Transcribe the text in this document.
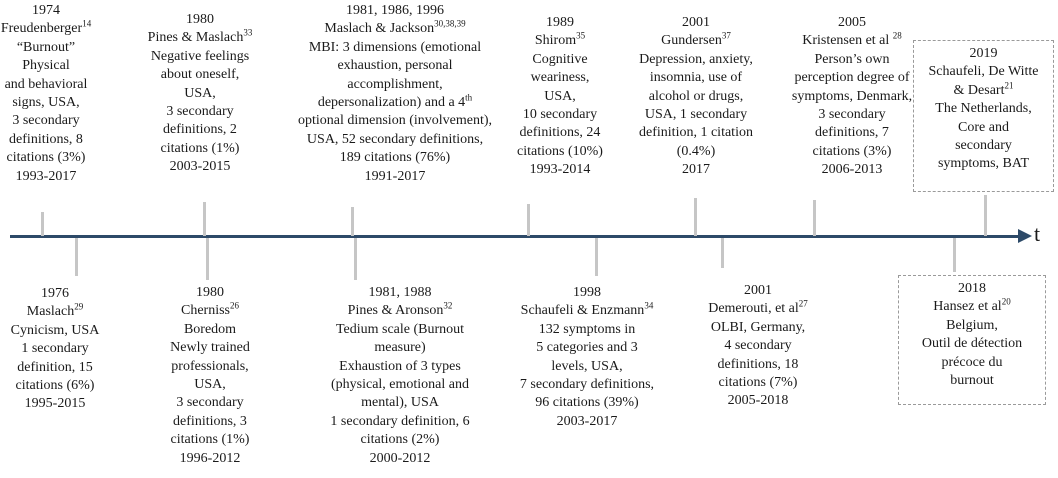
t
1974
Freudenberger$^{14}$
“Burnout”
Physical
and behavioral
signs, USA,
3 secondary
definitions, 8
citations (3%)
1993-2017
1976
Maslach$^{29}$
Cynicism, USA
1 secondary
definition, 15
citations (6%)
1995-2015
1980
Pines & Maslach$^{33}$
Negative feelings
about oneself,
USA,
3 secondary
definitions, 2
citations (1%)
2003-2015
1980
Cherniss$^{26}$
Boredom
Newly trained
professionals,
USA,
3 secondary
definitions, 3
citations (1%)
1996-2012
1981, 1986, 1996
Maslach & Jackson$^{30,38,39}$
MBI: 3 dimensions (emotional
exhaustion, personal
accomplishment,
depersonalization) and a 4th
optional dimension (involvement),
USA, 52 secondary definitions,
189 citations (76%)
1991-2017
1981, 1988
Pines & Aronson$^{32}$
Tedium scale (Burnout
measure)
Exhaustion of 3 types
(physical, emotional and
mental), USA
1 secondary definition, 6
citations (2%)
2000-2012
1989
Shirom$^{35}$
Cognitive
weariness,
USA,
10 secondary
definitions, 24
citations (10%)
1993-2014
1998
Schaufeli & Enzmann$^{34}$
132 symptoms in
5 categories and 3
levels, USA,
7 secondary definitions,
96 citations (39%)
2003-2017
2001
Gundersen$^{37}$
Depression, anxiety,
insomnia, use of
alcohol or drugs,
USA, 1 secondary
definition, 1 citation
(0.4%)
2017
2001
Demerouti, et $al^{27}$
OLBI, Germany,
4 secondary
definitions, 18
citations (7%)
2005-2018
2005
Kristensen et al $^{28}$
Person’s own
perception degree of
symptoms, Denmark,
3 secondary
definitions, 7
citations (3%)
2006-2013
2018
Hansez et $al^{20}$
Belgium,
Outil de détection
précoce du
burnout
2019
Schaufeli, De Witte
& Desart$^{21}$
The Netherlands,
Core and
secondary
symptoms, BAT
